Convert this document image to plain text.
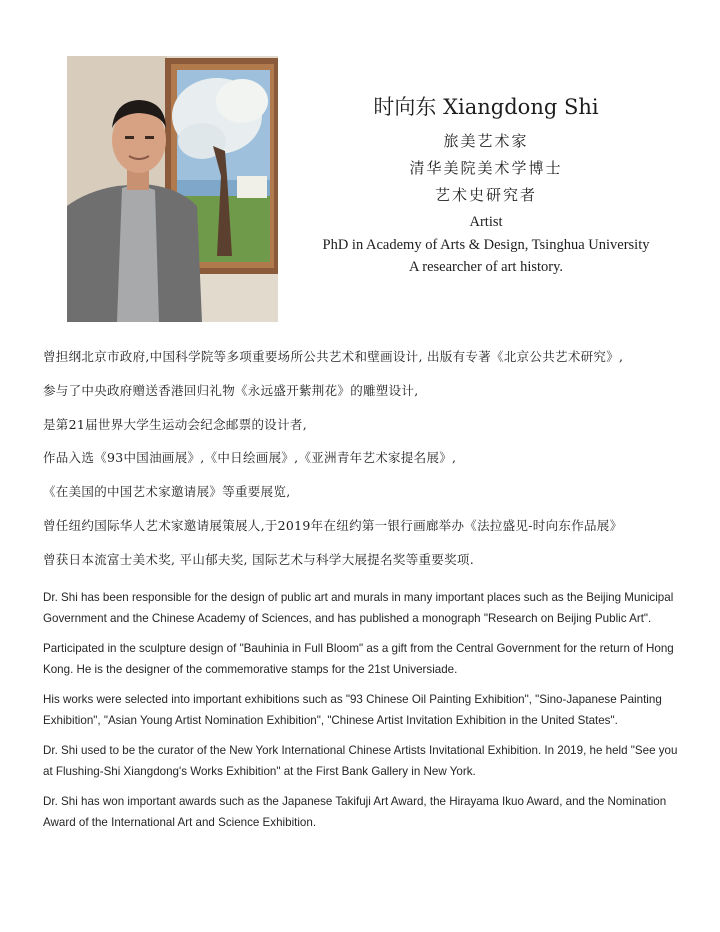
时向东 Xiangdong Shi
旅美艺术家
清华美院美术学博士
艺术史研究者
Artist
PhD in Academy of Arts & Design, Tsinghua University
A researcher of art history.
曾担纲北京市政府,中国科学院等多项重要场所公共艺术和壁画设计, 出版有专著《北京公共艺术研究》,
参与了中央政府赠送香港回归礼物《永远盛开紫荆花》的雕塑设计,
是第21届世界大学生运动会纪念邮票的设计者,
作品入选《93中国油画展》,《中日绘画展》,《亚洲青年艺术家提名展》,
《在美国的中国艺术家邀请展》等重要展览,
曾任纽约国际华人艺术家邀请展策展人,于2019年在纽约第一银行画廊举办《法拉盛见-时向东作品展》
曾获日本流富士美术奖, 平山郁夫奖, 国际艺术与科学大展提名奖等重要奖项.

Dr. Shi has been responsible for the design of public art and murals in many important places such as the Beijing Municipal Government and the Chinese Academy of Sciences, and has published a monograph "Research on Beijing Public Art".

Participated in the sculpture design of "Bauhinia in Full Bloom" as a gift from the Central Government for the return of Hong Kong. He is the designer of the commemorative stamps for the 21st Universiade.

His works were selected into important exhibitions such as "93 Chinese Oil Painting Exhibition", "Sino-Japanese Painting Exhibition", "Asian Young Artist Nomination Exhibition", "Chinese Artist Invitation Exhibition in the United States".

Dr. Shi used to be the curator of the New York International Chinese Artists Invitational Exhibition. In 2019, he held "See you at Flushing-Shi Xiangdong's Works Exhibition" at the First Bank Gallery in New York.

Dr. Shi has won important awards such as the Japanese Takifuji Art Award, the Hirayama Ikuo Award, and the Nomination Award of the International Art and Science Exhibition.
